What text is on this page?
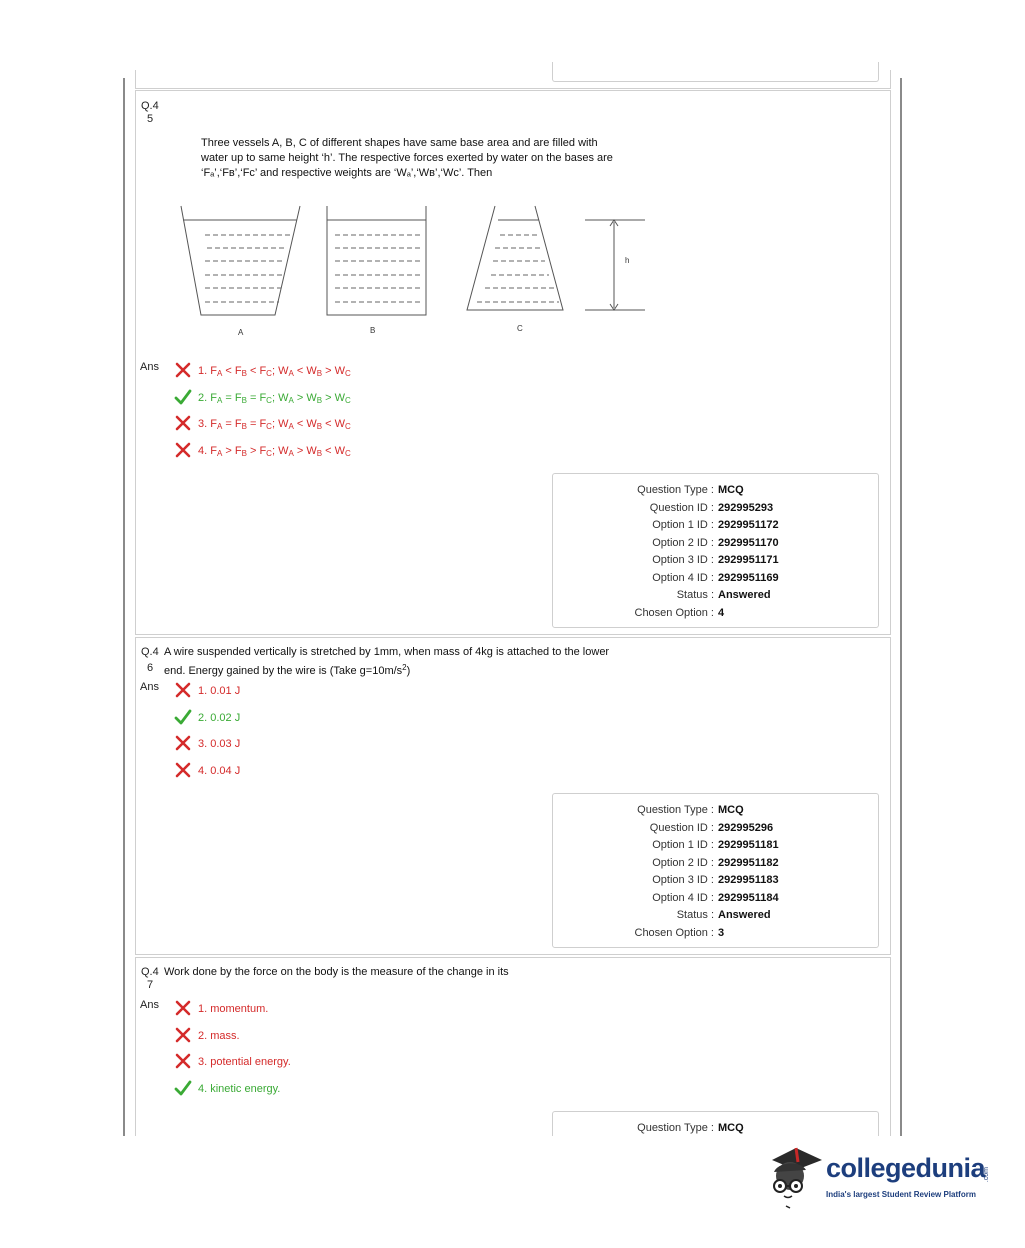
Q.4
5
Three vessels A, B, C of different shapes have same base area and are filled with
water up to same height ‘h’. The respective forces exerted by water on the bases are
‘Fₐ’,‘Fʙ’,‘Fᴄ’ and respective weights are ‘Wₐ’,‘Wʙ’,‘Wᴄ’. Then
A	B	C
h
Ans	1. $F_A < F_B < F_C$; $W_A < W_B > W_C$
2. $F_A = F_B = F_C$; $W_A > W_B > W_C$
3. $F_A = F_B = F_C$; $W_A < W_B < W_C$
4. $F_A > F_B > F_C$; $W_A > W_B < W_C$
Question Type : MCQ
Question ID : 292995293
Option 1 ID : 2929951172
Option 2 ID : 2929951170
Option 3 ID : 2929951171
Option 4 ID : 2929951169
Status : Answered
Chosen Option : 4
Q.4
6
A wire suspended vertically is stretched by 1mm, when mass of 4kg is attached to the lower
end. Energy gained by the wire is (Take $g=10m/s^2$)
Ans	1. 0.01 J
2. 0.02 J
3. 0.03 J
4. 0.04 J
Question Type : MCQ
Question ID : 292995296
Option 1 ID : 2929951181
Option 2 ID : 2929951182
Option 3 ID : 2929951183
Option 4 ID : 2929951184
Status : Answered
Chosen Option : 3
Q.4
7
Work done by the force on the body is the measure of the change in its
Ans	1. momentum.
2. mass.
3. potential energy.
4. kinetic energy.
Question Type : MCQ
collegedunia
.com
India's largest Student Review Platform
